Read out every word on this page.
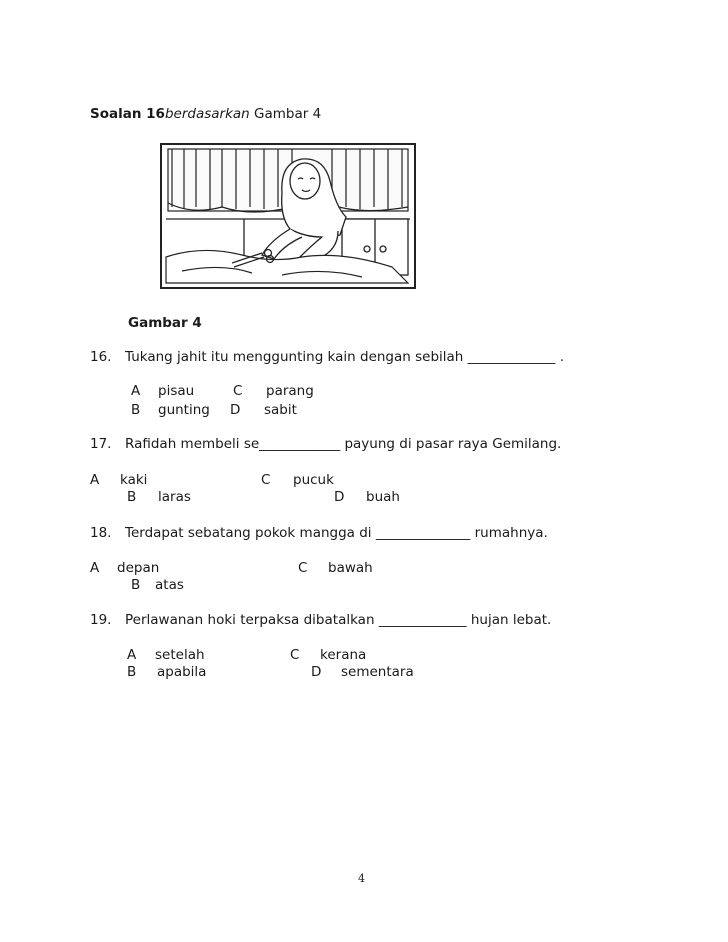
Soalan 16berdasarkan Gambar 4
Gambar 4
16. Tukang jahit itu menggunting kain dengan sebilah _____________ .
A pisau	C parang
B gunting D sabit
17. Rafidah membeli se____________ payung di pasar raya Gemilang.
A kaki	C pucuk
B laras	D buah
18. Terdapat sebatang pokok mangga di ______________ rumahnya.
A depan	C bawah
B atas
19. Perlawanan hoki terpaksa dibatalkan _____________ hujan lebat.
A setelah	C kerana
B apabila	D sementara
4
